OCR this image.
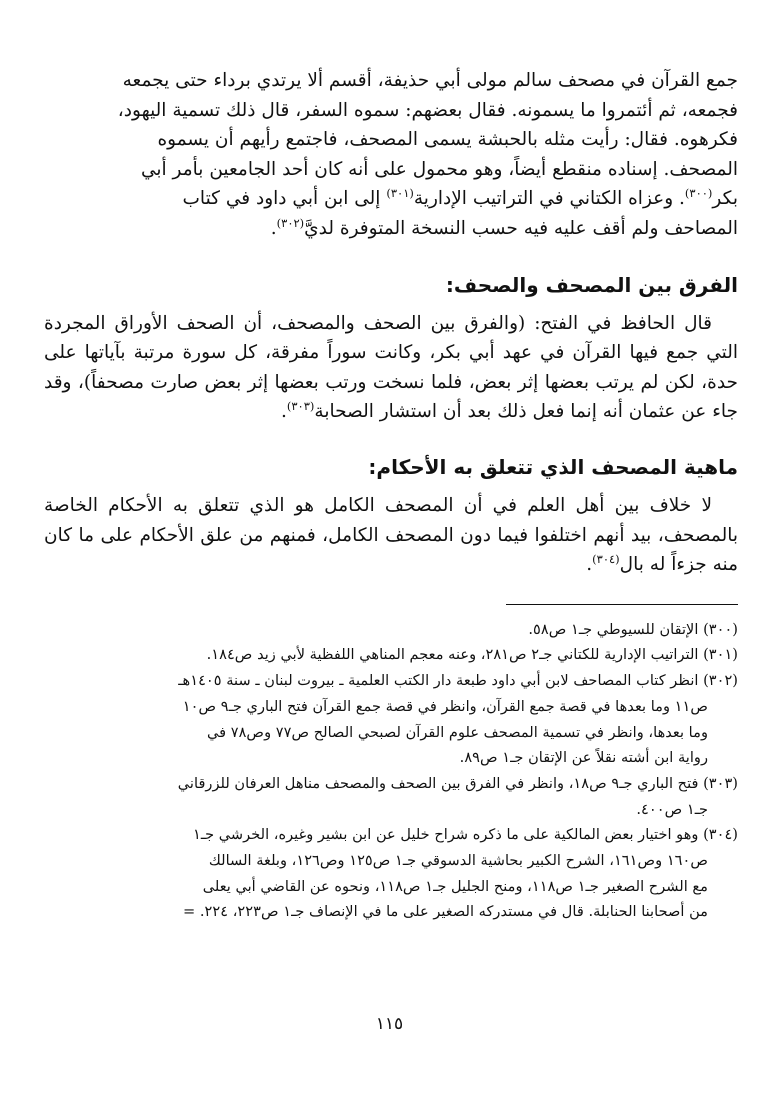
جمع القرآن في مصحف سالم مولى أبي حذيفة، أقسم ألا يرتدي برداء حتى يجمعه
فجمعه، ثم أئتمروا ما يسمونه. فقال بعضهم: سموه السفر، قال ذلك تسمية اليهود،
فكرهوه. فقال: رأيت مثله بالحبشة يسمى المصحف، فاجتمع رأيهم أن يسموه
المصحف. إسناده منقطع أيضاً، وهو محمول على أنه كان أحد الجامعين بأمر أبي
بكر$^{(٣٠٠)}$. وعزاه الكتاني في التراتيب الإدارية$^{(٣٠١)}$ إلى ابن أبي داود في كتاب
المصاحف ولم أقف عليه فيه حسب النسخة المتوفرة لديَّ$^{(٣٠٢)}$.
الفرق بين المصحف والصحف:

قال الحافظ في الفتح: (والفرق بين الصحف والمصحف، أن الصحف الأوراق المجردة التي جمع فيها القرآن في عهد أبي بكر، وكانت سوراً مفرقة، كل سورة مرتبة بآياتها على حدة، لكن لم يرتب بعضها إثر بعض، فلما نسخت ورتب بعضها إثر بعض صارت مصحفاً)، وقد جاء عن عثمان أنه إنما فعل ذلك بعد أن استشار الصحابة$^{(٣٠٣)}$.

ماهية المصحف الذي تتعلق به الأحكام:

لا خلاف بين أهل العلم في أن المصحف الكامل هو الذي تتعلق به الأحكام الخاصة بالمصحف، بيد أنهم اختلفوا فيما دون المصحف الكامل، فمنهم من علق الأحكام على ما كان منه جزءاً له بال$^{(٣٠٤)}$.

(٣٠٠) الإتقان للسيوطي جـ١ ص٥٨.

(٣٠١) التراتيب الإدارية للكتاني جـ٢ ص٢٨١، وعنه معجم المناهي اللفظية لأبي زيد ص١٨٤.

(٣٠٢) انظر كتاب المصاحف لابن أبي داود طبعة دار الكتب العلمية ـ بيروت لبنان ـ سنة ١٤٠٥هـ

ص١١ وما بعدها في قصة جمع القرآن، وانظر في قصة جمع القرآن فتح الباري جـ٩ ص١٠

وما بعدها، وانظر في تسمية المصحف علوم القرآن لصبحي الصالح ص٧٧ وص٧٨ في

رواية ابن أشته نقلاً عن الإتقان جـ١ ص٨٩.

(٣٠٣) فتح الباري جـ٩ ص١٨، وانظر في الفرق بين الصحف والمصحف مناهل العرفان للزرقاني

جـ١ ص٤٠٠.

(٣٠٤) وهو اختيار بعض المالكية على ما ذكره شراح خليل عن ابن بشير وغيره، الخرشي جـ١

ص١٦٠ وص١٦١، الشرح الكبير بحاشية الدسوقي جـ١ ص١٢٥ وص١٢٦، وبلغة السالك

مع الشرح الصغير جـ١ ص١١٨، ومنح الجليل جـ١ ص١١٨، ونحوه عن القاضي أبي يعلى

من أصحابنا الحنابلة. قال في مستدركه الصغير على ما في الإنصاف جـ١ ص٢٢٣، ٢٢٤. =

١١٥
